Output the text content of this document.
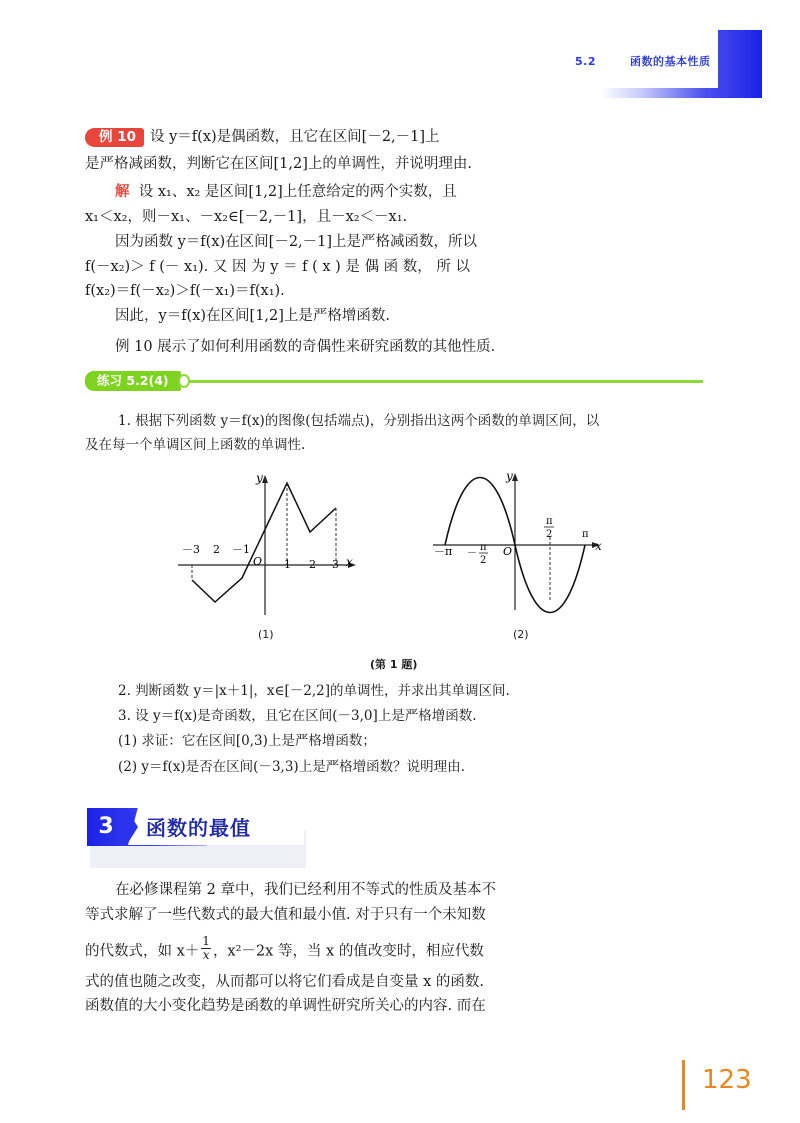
5.2	函数的基本性质
例 10 设 y＝f(x)是偶函数，且它在区间[－2,－1]上
是严格减函数，判断它在区间[1,2]上的单调性，并说明理由.
解 设 x₁、x₂ 是区间[1,2]上任意给定的两个实数，且
x₁＜x₂，则－x₁、－x₂∈[－2,－1]，且－x₂＜－x₁.
因为函数 y＝f(x)在区间[－2,－1]上是严格减函数，所以
f(－x₂)＞ f (－ x₁). 又 因 为 y ＝ f ( x ) 是 偶 函 数， 所 以
f(x₂)＝f(－x₂)＞f(－x₁)＝f(x₁).
因此，y＝f(x)在区间[1,2]上是严格增函数.
例 10 展示了如何利用函数的奇偶性来研究函数的其他性质.
练习 5.2(4)
1. 根据下列函数 y＝f(x)的图像(包括端点)，分别指出这两个函数的单调区间，以
及在每一个单调区间上函数的单调性.
y
x
O
－3 2 －1
1 2 3
(1)
y
x
O
－π －
π
2
π
2	π
(2)
(第 1 题)
2. 判断函数 y＝|x＋1|，x∈[－2,2]的单调性，并求出其单调区间.
3. 设 y＝f(x)是奇函数，且它在区间(－3,0]上是严格增函数.
(1) 求证：它在区间[0,3)上是严格增函数；
(2) y＝f(x)是否在区间(－3,3)上是严格增函数？说明理由.
3	函数的最值
在必修课程第 2 章中，我们已经利用不等式的性质及基本不
等式求解了一些代数式的最大值和最小值. 对于只有一个未知数
的代数式，如 $x+ \frac{1}{x}$ ，x²－2x 等，当 x 的值改变时，相应代数
式的值也随之改变，从而都可以将它们看成是自变量 x 的函数.
函数值的大小变化趋势是函数的单调性研究所关心的内容. 而在
123
